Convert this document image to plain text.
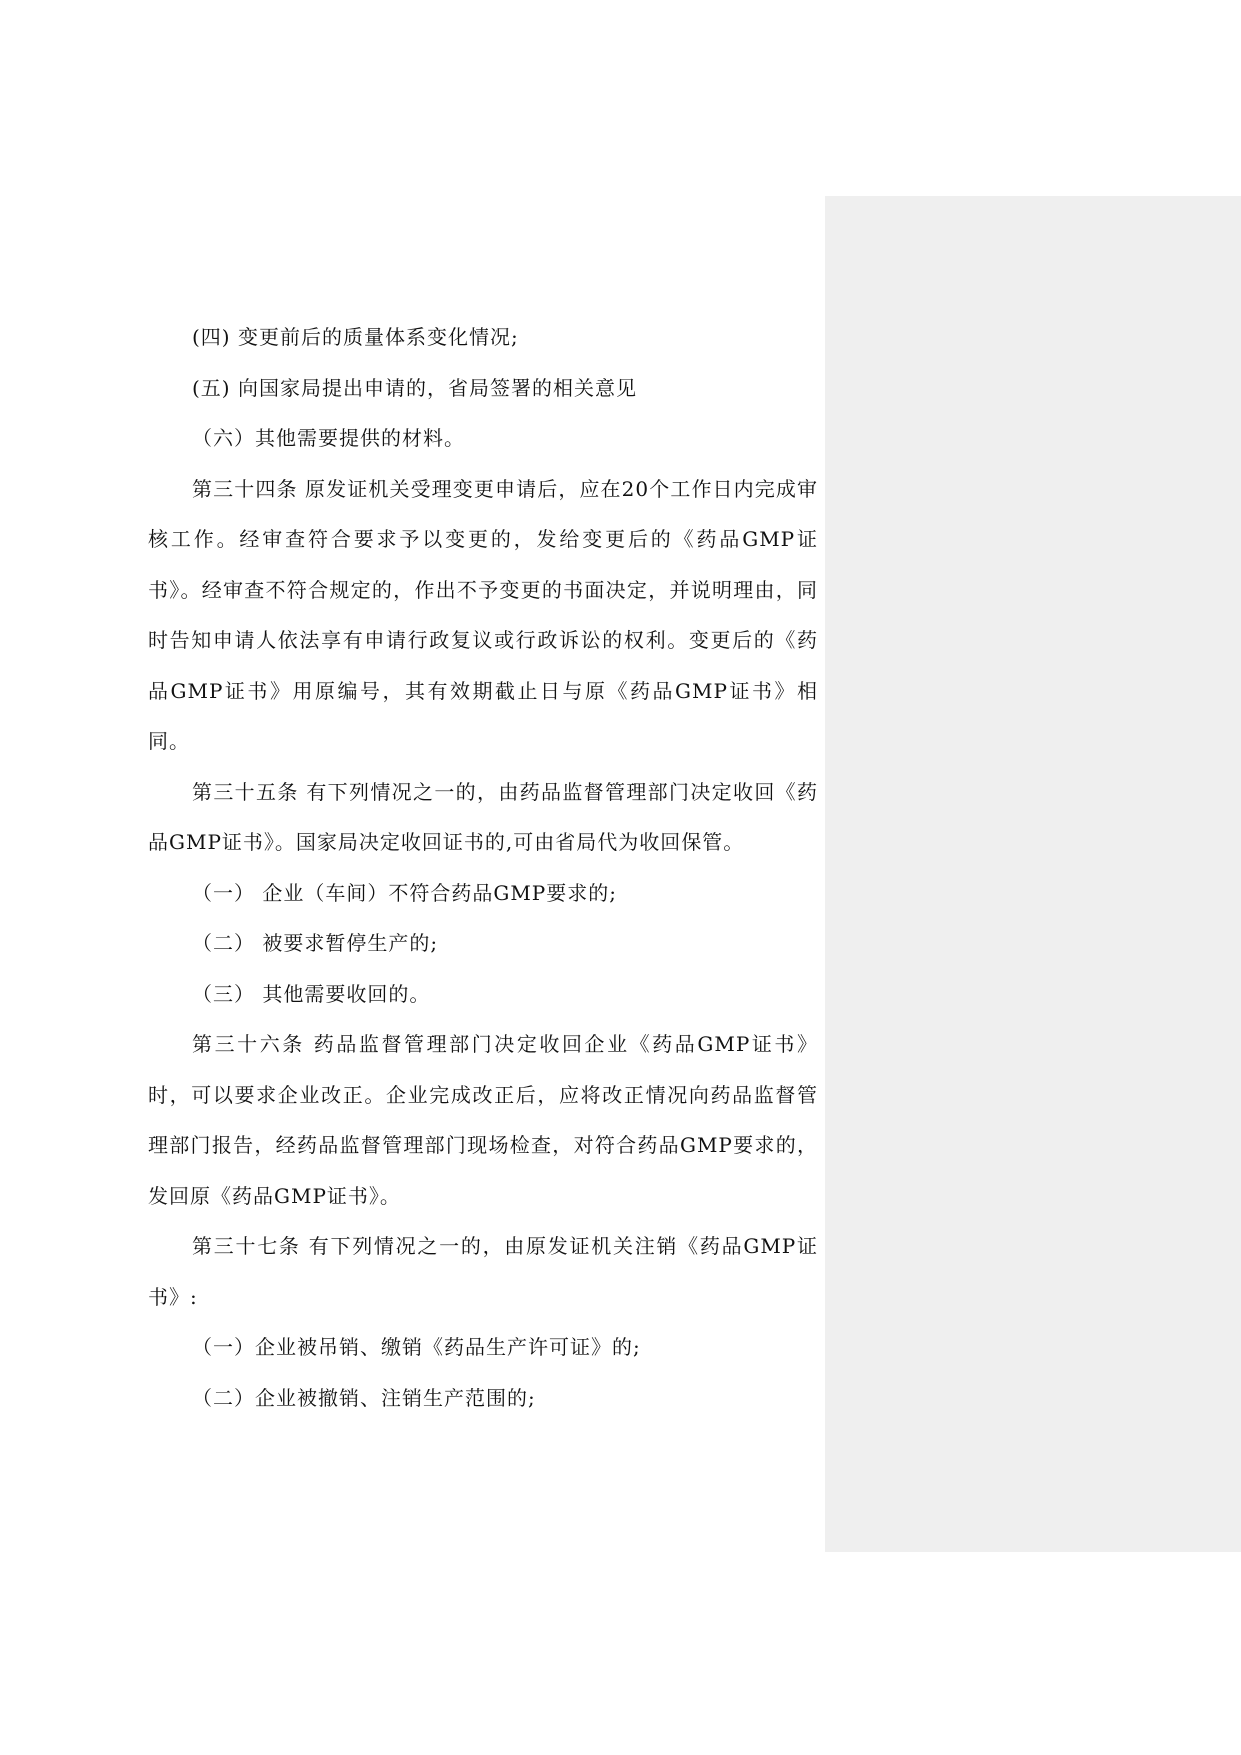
(四) 变更前后的质量体系变化情况;

(五) 向国家局提出申请的，省局签署的相关意见

（六）其他需要提供的材料。

第三十四条 原发证机关受理变更申请后，应在20个工作日内完成审核工作。经审查符合要求予以变更的，发给变更后的《药品GMP证书》。经审查不符合规定的，作出不予变更的书面决定，并说明理由，同时告知申请人依法享有申请行政复议或行政诉讼的权利。变更后的《药品GMP证书》用原编号，其有效期截止日与原《药品GMP证书》相同。

第三十五条 有下列情况之一的，由药品监督管理部门决定收回《药品GMP证书》。国家局决定收回证书的,可由省局代为收回保管。

（一） 企业（车间）不符合药品GMP要求的;

（二） 被要求暂停生产的;

（三） 其他需要收回的。

第三十六条 药品监督管理部门决定收回企业《药品GMP证书》时，可以要求企业改正。企业完成改正后，应将改正情况向药品监督管理部门报告，经药品监督管理部门现场检查，对符合药品GMP要求的，发回原《药品GMP证书》。

第三十七条 有下列情况之一的，由原发证机关注销《药品GMP证书》:

（一）企业被吊销、缴销《药品生产许可证》的;

（二）企业被撤销、注销生产范围的;
